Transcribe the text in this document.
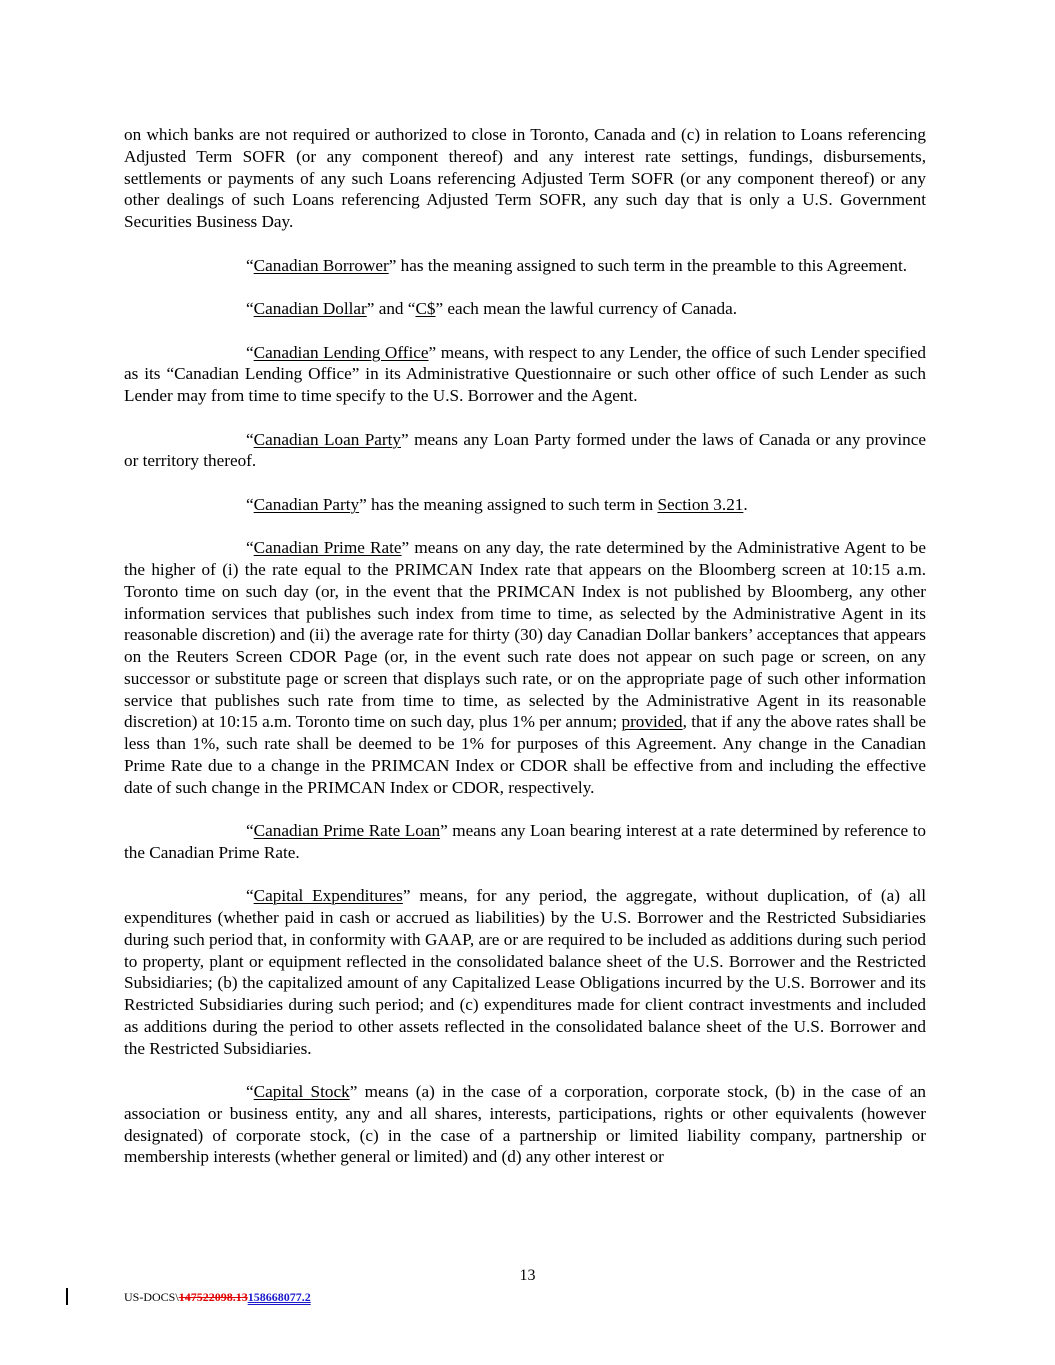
on which banks are not required or authorized to close in Toronto, Canada and (c) in relation to Loans referencing Adjusted Term SOFR (or any component thereof) and any interest rate settings, fundings, disbursements, settlements or payments of any such Loans referencing Adjusted Term SOFR (or any component thereof) or any other dealings of such Loans referencing Adjusted Term SOFR, any such day that is only a U.S. Government Securities Business Day.

“Canadian Borrower” has the meaning assigned to such term in the preamble to this Agreement.

“Canadian Dollar” and “C$” each mean the lawful currency of Canada.

“Canadian Lending Office” means, with respect to any Lender, the office of such Lender specified as its “Canadian Lending Office” in its Administrative Questionnaire or such other office of such Lender as such Lender may from time to time specify to the U.S. Borrower and the Agent.

“Canadian Loan Party” means any Loan Party formed under the laws of Canada or any province or territory thereof.

“Canadian Party” has the meaning assigned to such term in Section 3.21.

“Canadian Prime Rate” means on any day, the rate determined by the Administrative Agent to be the higher of (i) the rate equal to the PRIMCAN Index rate that appears on the Bloomberg screen at 10:15 a.m. Toronto time on such day (or, in the event that the PRIMCAN Index is not published by Bloomberg, any other information services that publishes such index from time to time, as selected by the Administrative Agent in its reasonable discretion) and (ii) the average rate for thirty (30) day Canadian Dollar bankers’ acceptances that appears on the Reuters Screen CDOR Page (or, in the event such rate does not appear on such page or screen, on any successor or substitute page or screen that displays such rate, or on the appropriate page of such other information service that publishes such rate from time to time, as selected by the Administrative Agent in its reasonable discretion) at 10:15 a.m. Toronto time on such day, plus 1% per annum; provided, that if any the above rates shall be less than 1%, such rate shall be deemed to be 1% for purposes of this Agreement. Any change in the Canadian Prime Rate due to a change in the PRIMCAN Index or CDOR shall be effective from and including the effective date of such change in the PRIMCAN Index or CDOR, respectively.

“Canadian Prime Rate Loan” means any Loan bearing interest at a rate determined by reference to the Canadian Prime Rate.

“Capital Expenditures” means, for any period, the aggregate, without duplication, of (a) all expenditures (whether paid in cash or accrued as liabilities) by the U.S. Borrower and the Restricted Subsidiaries during such period that, in conformity with GAAP, are or are required to be included as additions during such period to property, plant or equipment reflected in the consolidated balance sheet of the U.S. Borrower and the Restricted Subsidiaries; (b) the capitalized amount of any Capitalized Lease Obligations incurred by the U.S. Borrower and its Restricted Subsidiaries during such period; and (c) expenditures made for client contract investments and included as additions during the period to other assets reflected in the consolidated balance sheet of the U.S. Borrower and the Restricted Subsidiaries.

“Capital Stock” means (a) in the case of a corporation, corporate stock, (b) in the case of an association or business entity, any and all shares, interests, participations, rights or other equivalents (however designated) of corporate stock, (c) in the case of a partnership or limited liability company, partnership or membership interests (whether general or limited) and (d) any other interest or

13
US-DOCS\147522098.13158668077.2
